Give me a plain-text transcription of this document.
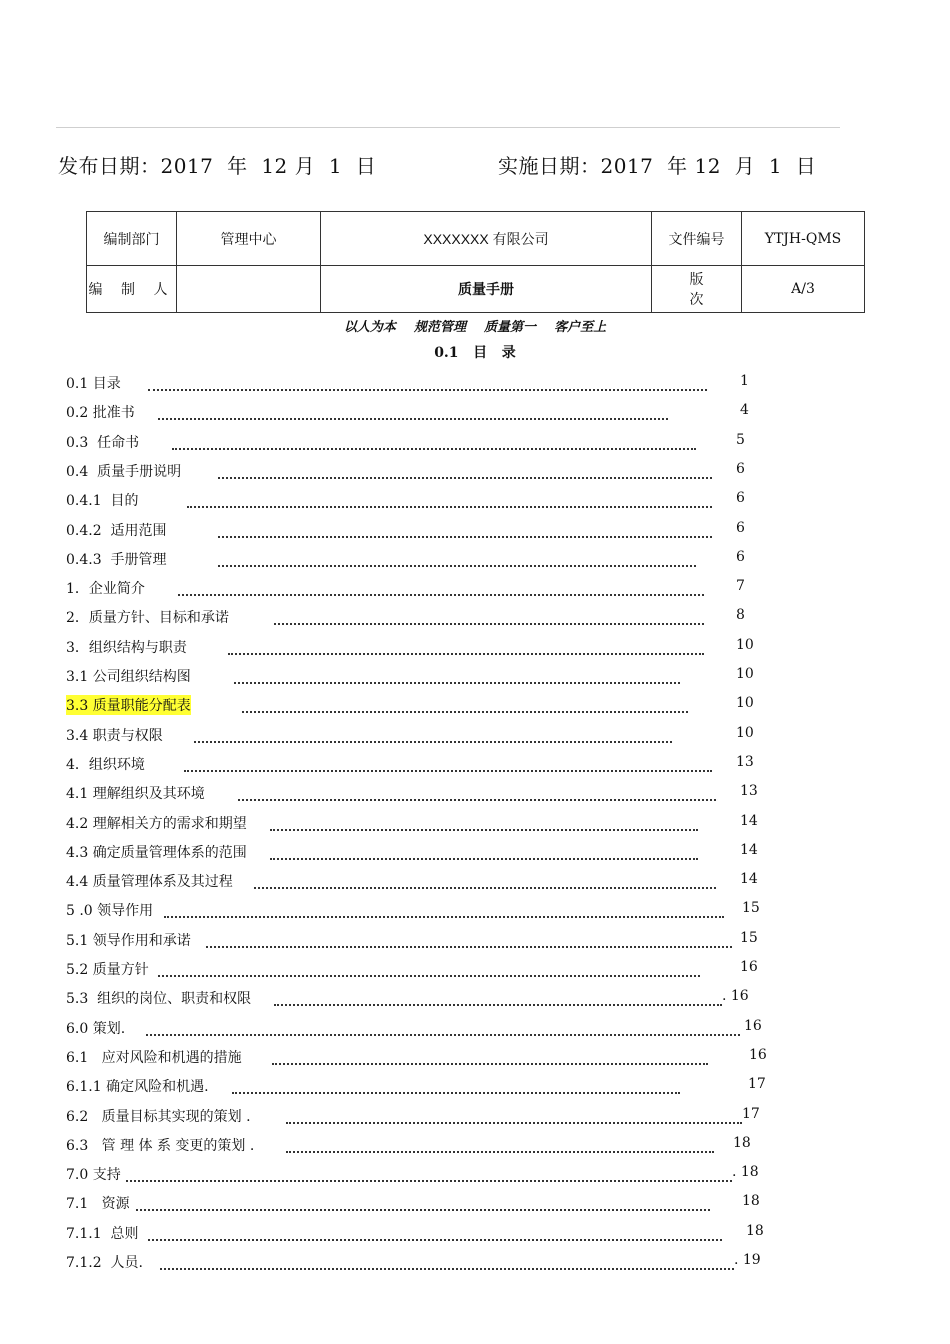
发布日期：2017  年  12 月  1  日	实施日期：2017  年 12  月  1  日
编制部门	管理中心	XXXXXXX 有限公司	文件编号	YTJH-QMS
编 制 人		质量手册	版次	A/3
以人为本    规范管理    质量第一    客户至上
0.1   目   录
0.1 目录	1
0.2 批准书	4
0.3  任命书	5
0.4  质量手册说明	6
0.4.1  目的	6
0.4.2  适用范围	6
0.4.3  手册管理	6
1．企业简介	7
2．质量方针、目标和承诺	8
3．组织结构与职责	10
3.1 公司组织结构图	10
3.3 质量职能分配表	10
3.4 职责与权限	10
4．组织环境	13
4.1 理解组织及其环境	13
4.2 理解相关方的需求和期望	14
4.3 确定质量管理体系的范围	14
4.4 质量管理体系及其过程	14
5 .0 领导作用	15
5.1 领导作用和承诺	15
5.2 质量方针	16
5.3  组织的岗位、职责和权限	. 16
6.0 策划.	16
6.1   应对风险和机遇的措施	16
6.1.1 确定风险和机遇.	17
6.2   质量目标其实现的策划 .	17
6.3   管 理 体 系 变更的策划 .	18
7.0 支持	. 18
7.1   资源	18
7.1.1  总则	18
7.1.2  人员.	. 19
